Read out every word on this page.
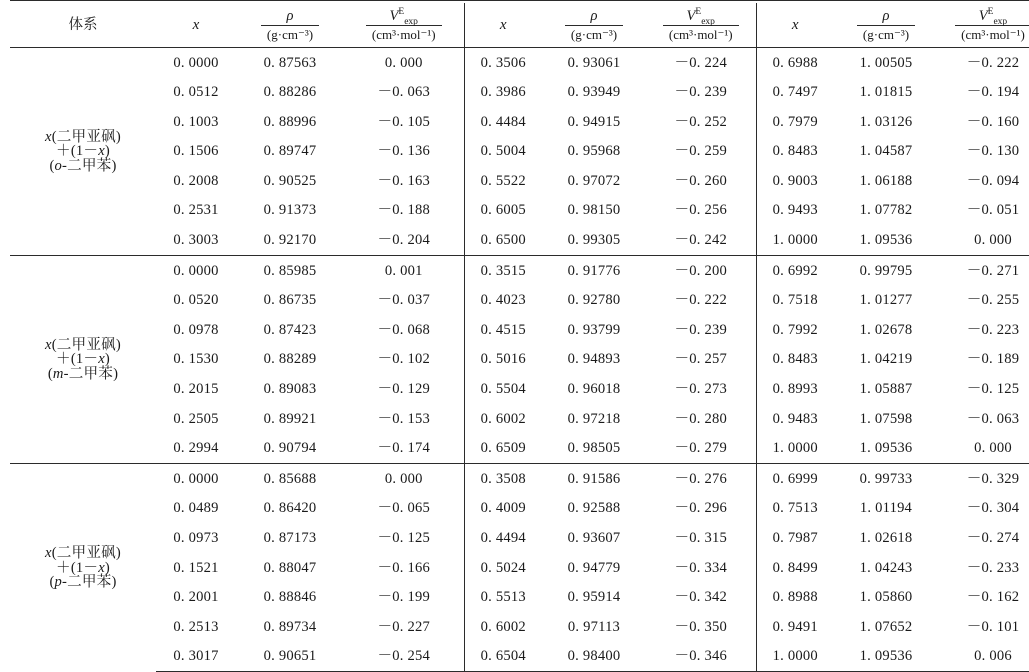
体系	x	$\frac{\rho}{\text{(g·cm⁻³)}}$	$\frac{V^E_{exp}}{\text{(cm³·mol⁻¹)}}$	x	$\frac{\rho}{\text{(g·cm⁻³)}}$	$\frac{V^E_{exp}}{\text{(cm³·mol⁻¹)}}$	x	$\frac{\rho}{\text{(g·cm⁻³)}}$	$\frac{V^E_{exp}}{\text{(cm³·mol⁻¹)}}$

x(二甲亚砜)
＋(1－x)
(o-二甲苯)	0. 0000	0. 87563	0. 000	0. 3506	0. 93061	－0. 224	0. 6988	1. 00505	－0. 222
	0. 0512	0. 88286	－0. 063	0. 3986	0. 93949	－0. 239	0. 7497	1. 01815	－0. 194
	0. 1003	0. 88996	－0. 105	0. 4484	0. 94915	－0. 252	0. 7979	1. 03126	－0. 160
	0. 1506	0. 89747	－0. 136	0. 5004	0. 95968	－0. 259	0. 8483	1. 04587	－0. 130
	0. 2008	0. 90525	－0. 163	0. 5522	0. 97072	－0. 260	0. 9003	1. 06188	－0. 094
	0. 2531	0. 91373	－0. 188	0. 6005	0. 98150	－0. 256	0. 9493	1. 07782	－0. 051
	0. 3003	0. 92170	－0. 204	0. 6500	0. 99305	－0. 242	1. 0000	1. 09536	0. 000

x(二甲亚砜)
＋(1－x)
(m-二甲苯)	0. 0000	0. 85985	0. 001	0. 3515	0. 91776	－0. 200	0. 6992	0. 99795	－0. 271
	0. 0520	0. 86735	－0. 037	0. 4023	0. 92780	－0. 222	0. 7518	1. 01277	－0. 255
	0. 0978	0. 87423	－0. 068	0. 4515	0. 93799	－0. 239	0. 7992	1. 02678	－0. 223
	0. 1530	0. 88289	－0. 102	0. 5016	0. 94893	－0. 257	0. 8483	1. 04219	－0. 189
	0. 2015	0. 89083	－0. 129	0. 5504	0. 96018	－0. 273	0. 8993	1. 05887	－0. 125
	0. 2505	0. 89921	－0. 153	0. 6002	0. 97218	－0. 280	0. 9483	1. 07598	－0. 063
	0. 2994	0. 90794	－0. 174	0. 6509	0. 98505	－0. 279	1. 0000	1. 09536	0. 000

x(二甲亚砜)
＋(1－x)
(p-二甲苯)	0. 0000	0. 85688	0. 000	0. 3508	0. 91586	－0. 276	0. 6999	0. 99733	－0. 329
	0. 0489	0. 86420	－0. 065	0. 4009	0. 92588	－0. 296	0. 7513	1. 01194	－0. 304
	0. 0973	0. 87173	－0. 125	0. 4494	0. 93607	－0. 315	0. 7987	1. 02618	－0. 274
	0. 1521	0. 88047	－0. 166	0. 5024	0. 94779	－0. 334	0. 8499	1. 04243	－0. 233
	0. 2001	0. 88846	－0. 199	0. 5513	0. 95914	－0. 342	0. 8988	1. 05860	－0. 162
	0. 2513	0. 89734	－0. 227	0. 6002	0. 97113	－0. 350	0. 9491	1. 07652	－0. 101
	0. 3017	0. 90651	－0. 254	0. 6504	0. 98400	－0. 346	1. 0000	1. 09536	0. 006
